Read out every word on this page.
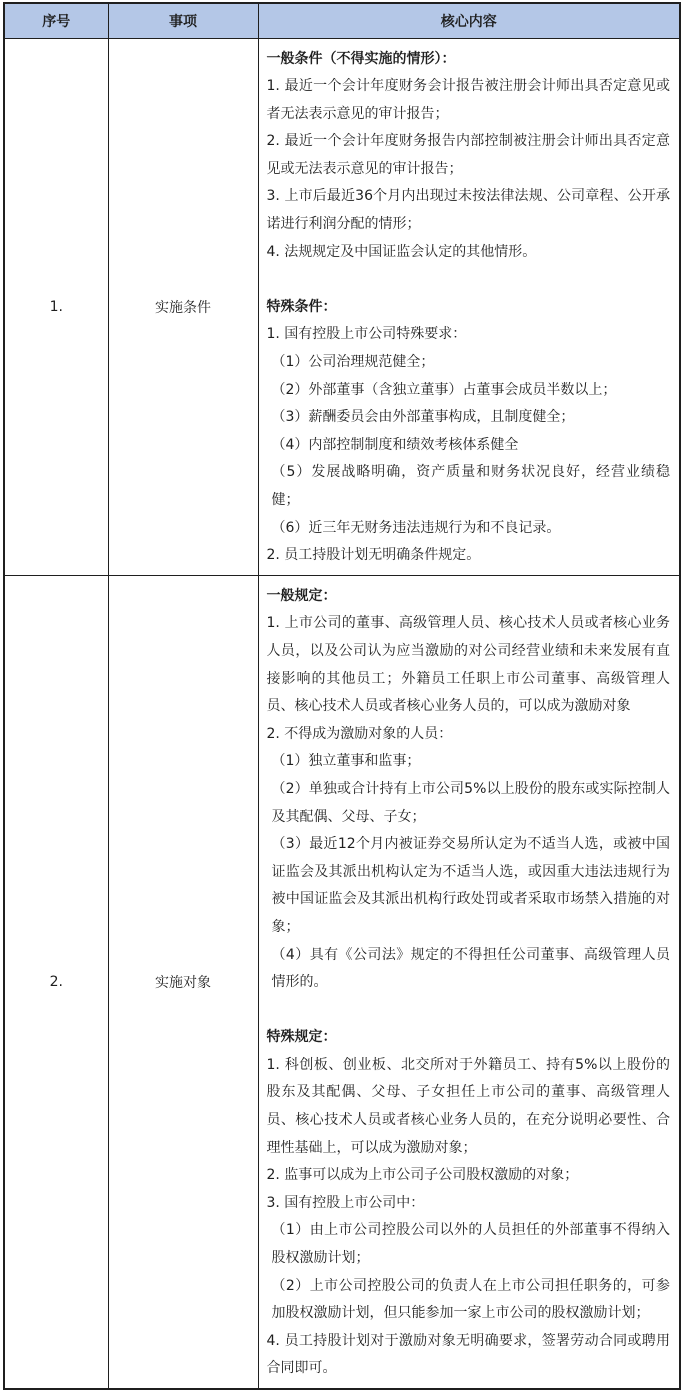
序号	事项	核心内容
1.	实施条件	

一般条件（不得实施的情形）：

1. 最近一个会计年度财务会计报告被注册会计师出具否定意见或者无法表示意见的审计报告；

2. 最近一个会计年度财务报告内部控制被注册会计师出具否定意见或无法表示意见的审计报告；

3. 上市后最近36个月内出现过未按法律法规、公司章程、公开承诺进行利润分配的情形；

4. 法规规定及中国证监会认定的其他情形。

特殊条件：

1. 国有控股上市公司特殊要求：

（1）公司治理规范健全；

（2）外部董事（含独立董事）占董事会成员半数以上；

（3）薪酬委员会由外部董事构成，且制度健全；

（4）内部控制制度和绩效考核体系健全

（5）发展战略明确，资产质量和财务状况良好，经营业绩稳健；

（6）近三年无财务违法违规行为和不良记录。

2. 员工持股计划无明确条件规定。

2.	实施对象	

一般规定：

1. 上市公司的董事、高级管理人员、核心技术人员或者核心业务人员，以及公司认为应当激励的对公司经营业绩和未来发展有直接影响的其他员工；外籍员工任职上市公司董事、高级管理人员、核心技术人员或者核心业务人员的，可以成为激励对象

2. 不得成为激励对象的人员：

（1）独立董事和监事；

（2）单独或合计持有上市公司5%以上股份的股东或实际控制人及其配偶、父母、子女；

（3）最近12个月内被证券交易所认定为不适当人选，或被中国证监会及其派出机构认定为不适当人选，或因重大违法违规行为被中国证监会及其派出机构行政处罚或者采取市场禁入措施的对象；

（4）具有《公司法》规定的不得担任公司董事、高级管理人员情形的。

特殊规定：

1. 科创板、创业板、北交所对于外籍员工、持有5%以上股份的股东及其配偶、父母、子女担任上市公司的董事、高级管理人员、核心技术人员或者核心业务人员的，在充分说明必要性、合理性基础上，可以成为激励对象；

2. 监事可以成为上市公司子公司股权激励的对象；

3. 国有控股上市公司中：

（1）由上市公司控股公司以外的人员担任的外部董事不得纳入股权激励计划；

（2）上市公司控股公司的负责人在上市公司担任职务的，可参加股权激励计划，但只能参加一家上市公司的股权激励计划；

4. 员工持股计划对于激励对象无明确要求，签署劳动合同或聘用合同即可。
